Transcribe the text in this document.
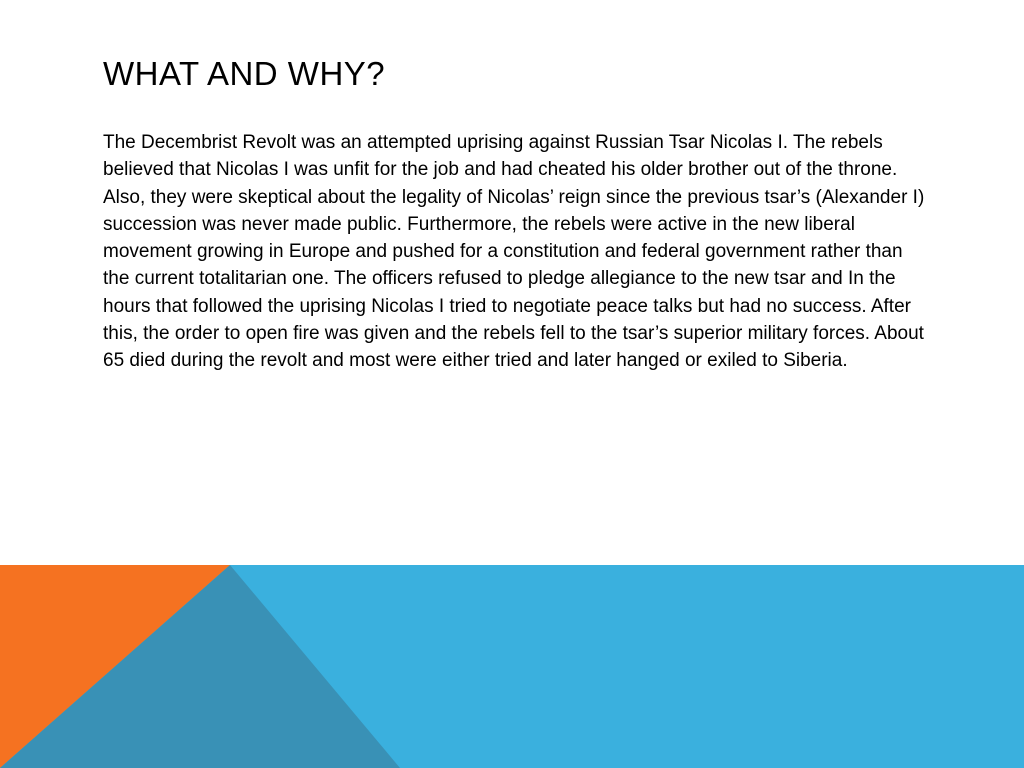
WHAT AND WHY?

The Decembrist Revolt was an attempted uprising against Russian Tsar Nicolas I. The rebels believed that Nicolas I was unfit for the job and had cheated his older brother out of the throne. Also, they were skeptical about the legality of Nicolas’ reign since the previous tsar’s (Alexander I) succession was never made public. Furthermore, the rebels were active in the new liberal movement growing in Europe and pushed for a constitution and federal government rather than the current totalitarian one. The officers refused to pledge allegiance to the new tsar and In the hours that followed the uprising Nicolas I tried to negotiate peace talks but had no success. After this, the order to open fire was given and the rebels fell to the tsar’s superior military forces. About 65 died during the revolt and most were either tried and later hanged or exiled to Siberia.
